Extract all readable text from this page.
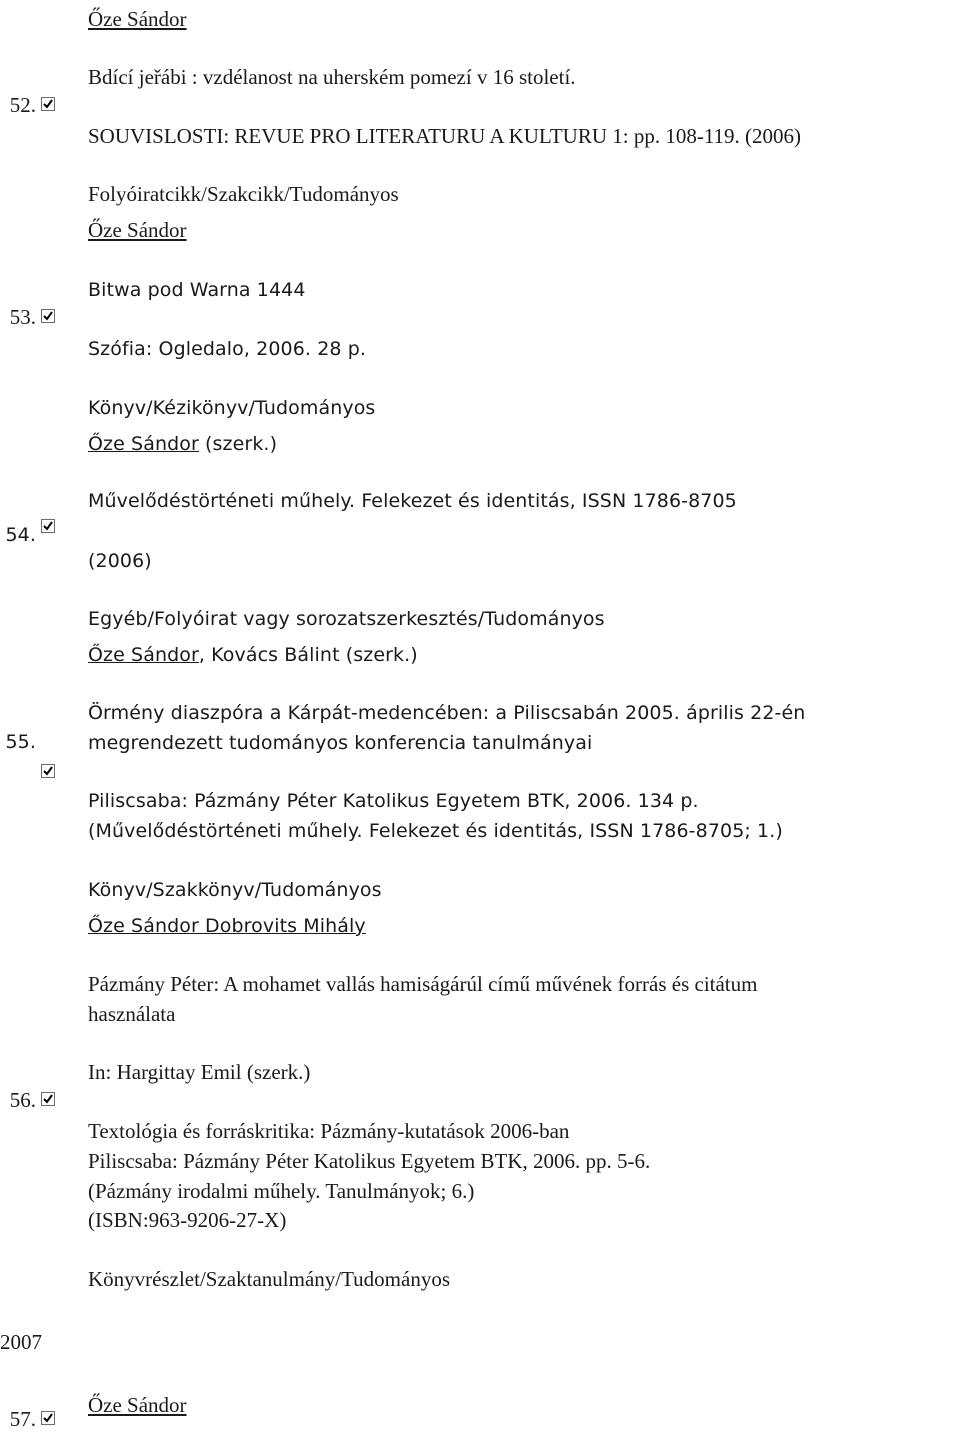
Őze Sándor
52.
Bdící jeřábi : vzdélanost na uherském pomezí v 16 století.
SOUVISLOSTI: REVUE PRO LITERATURU A KULTURU 1: pp. 108-119. (2006)
Folyóiratcikk/Szakcikk/Tudományos
Őze Sándor
53.
Bitwa pod Warna 1444
Szófia: Ogledalo, 2006. 28 p.
Könyv/Kézikönyv/Tudományos
Őze Sándor (szerk.)
54.
Művelődéstörténeti műhely. Felekezet és identitás, ISSN 1786-8705
(2006)
Egyéb/Folyóirat vagy sorozatszerkesztés/Tudományos
Őze Sándor, Kovács Bálint (szerk.)
55.
Örmény diaszpóra a Kárpát-medencében: a Piliscsabán 2005. április 22-én
megrendezett tudományos konferencia tanulmányai
Piliscsaba: Pázmány Péter Katolikus Egyetem BTK, 2006. 134 p.
(Művelődéstörténeti műhely. Felekezet és identitás, ISSN 1786-8705; 1.)
Könyv/Szakkönyv/Tudományos
Őze Sándor Dobrovits Mihály
56.
Pázmány Péter: A mohamet vallás hamiságárúl című művének forrás és citátum
használata
In: Hargittay Emil (szerk.)
Textológia és forráskritika: Pázmány-kutatások 2006-ban
Piliscsaba: Pázmány Péter Katolikus Egyetem BTK, 2006. pp. 5-6.
(Pázmány irodalmi műhely. Tanulmányok; 6.)
(ISBN:963-9206-27-X)
Könyvrészlet/Szaktanulmány/Tudományos
2007
57.
Őze Sándor
